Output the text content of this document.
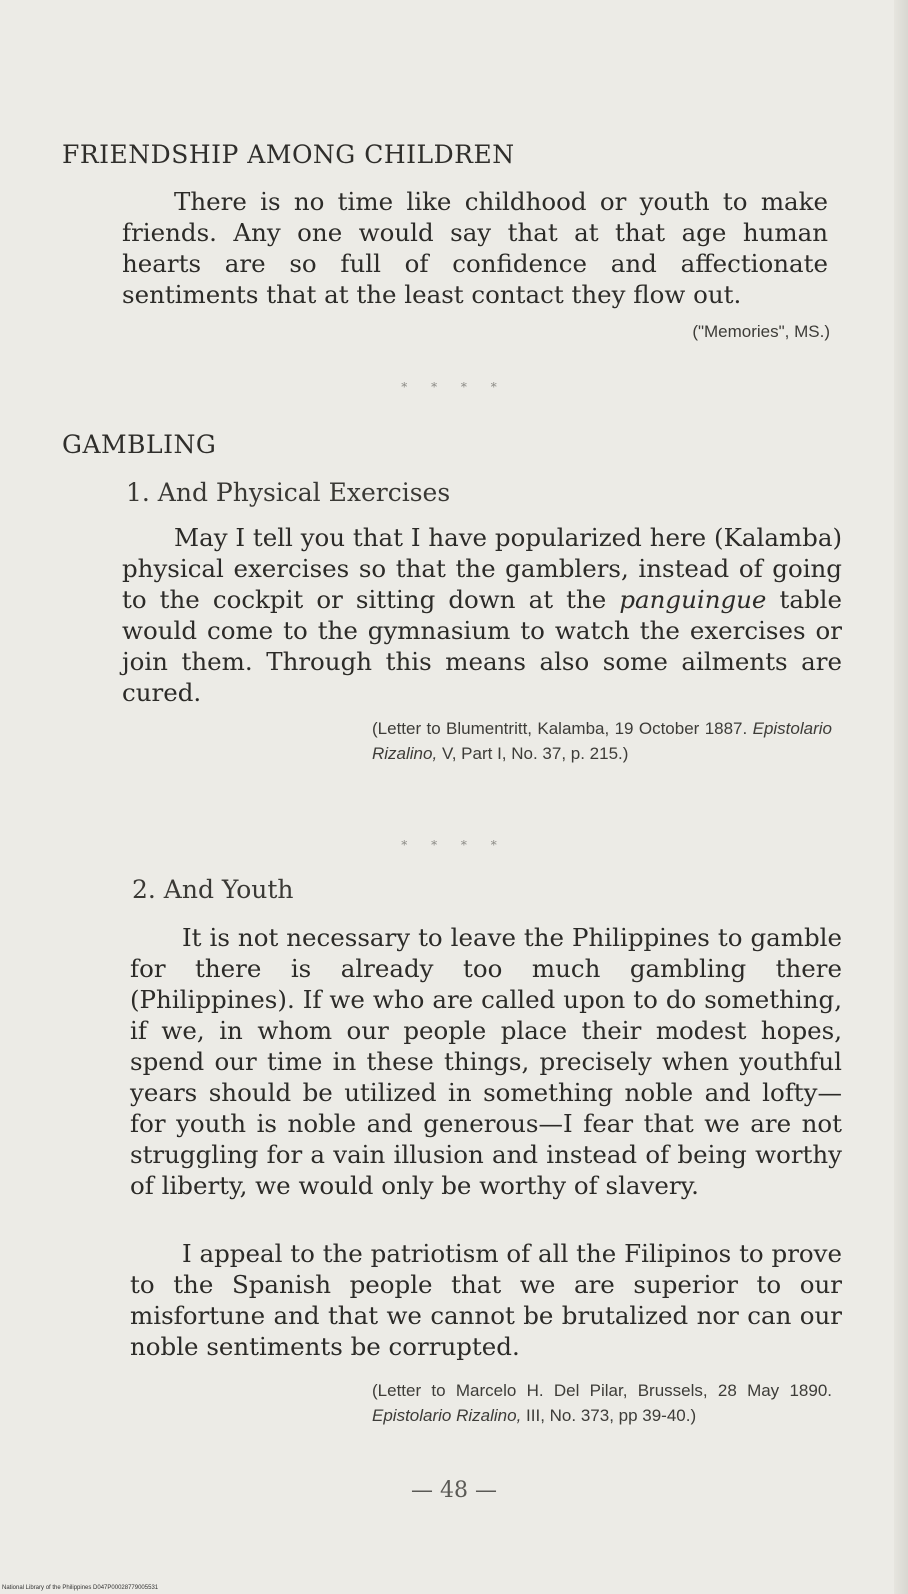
FRIENDSHIP AMONG CHILDREN

There is no time like childhood or youth to make friends. Any one would say that at that age human hearts are so full of confidence and affectionate sentiments that at the least contact they flow out.

("Memories", MS.)

* * * *
GAMBLING
1. And Physical Exercises

May I tell you that I have popularized here (Kalamba) physical exercises so that the gamblers, instead of going to the cockpit or sitting down at the panguingue table would come to the gymnasium to watch the exercises or join them. Through this means also some ailments are cured.

(Letter to Blumentritt, Kalamba, 19 October 1887. Epistolario Rizalino, V, Part I, No. 37, p. 215.)

* * * *
2. And Youth

It is not necessary to leave the Philippines to gamble for there is already too much gambling there (Philippines). If we who are called upon to do something, if we, in whom our people place their modest hopes, spend our time in these things, precisely when youthful years should be utilized in something noble and lofty—for youth is noble and generous—I fear that we are not struggling for a vain illusion and instead of being worthy of liberty, we would only be worthy of slavery.

I appeal to the patriotism of all the Filipinos to prove to the Spanish people that we are superior to our misfortune and that we cannot be brutalized nor can our noble sentiments be corrupted.

(Letter to Marcelo H. Del Pilar, Brussels, 28 May 1890. Epistolario Rizalino, III, No. 373, pp 39-40.)

— 48 —
National Library of the Philippines D047P00028779005531
